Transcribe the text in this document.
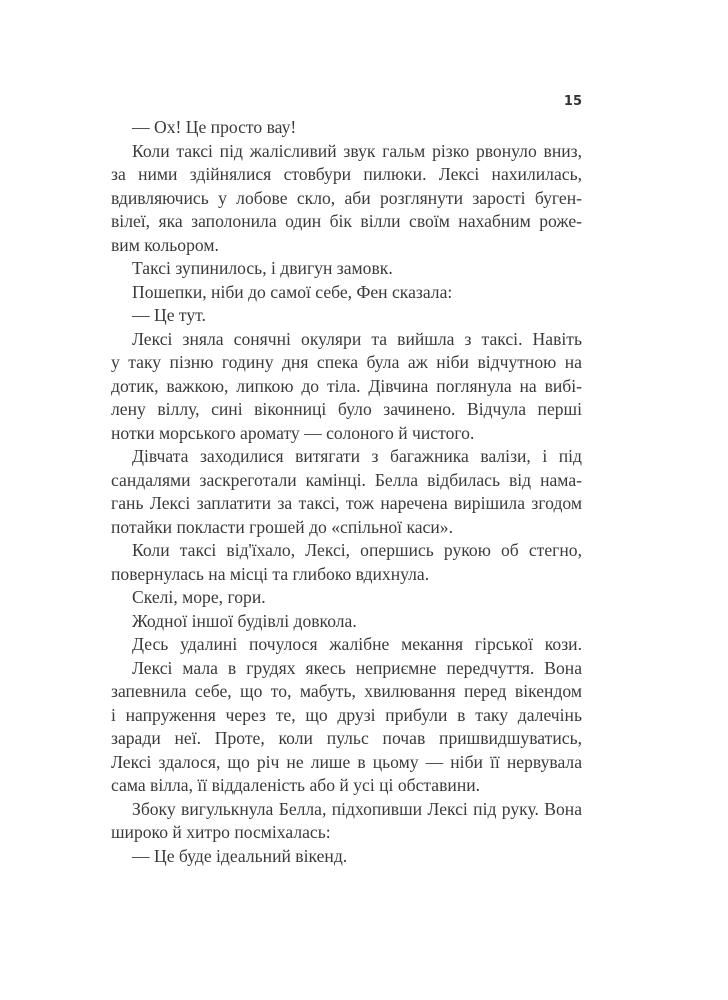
15
— Ох! Це просто вау!
Коли таксі під жалісливий звук гальм різко рвонуло вниз,
за ними здійнялися стовбури пилюки. Лексі нахилилась,
вдивляючись у лобове скло, аби розглянути зарості буген-
вілеї, яка заполонила один бік вілли своїм нахабним роже-
вим кольором.
Таксі зупинилось, і двигун замовк.
Пошепки, ніби до самої себе, Фен сказала:
— Це тут.
Лексі зняла сонячні окуляри та вийшла з таксі. Навіть
у таку пізню годину дня спека була аж ніби відчутною на
дотик, важкою, липкою до тіла. Дівчина поглянула на вибі-
лену віллу, сині віконниці було зачинено. Відчула перші
нотки морського аромату — солоного й чистого.
Дівчата заходилися витягати з багажника валізи, і під
сандалями заскреготали камінці. Белла відбилась від нама-
гань Лексі заплатити за таксі, тож наречена вирішила згодом
потайки покласти грошей до «спільної каси».
Коли таксі від'їхало, Лексі, опершись рукою об стегно,
повернулась на місці та глибоко вдихнула.
Скелі, море, гори.
Жодної іншої будівлі довкола.
Десь удалині почулося жалібне мекання гірської кози.
Лексі мала в грудях якесь неприємне передчуття. Вона
запевнила себе, що то, мабуть, хвилювання перед вікендом
і напруження через те, що друзі прибули в таку далечінь
заради неї. Проте, коли пульс почав пришвидшуватись,
Лексі здалося, що річ не лише в цьому — ніби її нервувала
сама вілла, її віддаленість або й усі ці обставини.
Збоку вигулькнула Белла, підхопивши Лексі під руку. Вона
широко й хитро посміхалась:
— Це буде ідеальний вікенд.
